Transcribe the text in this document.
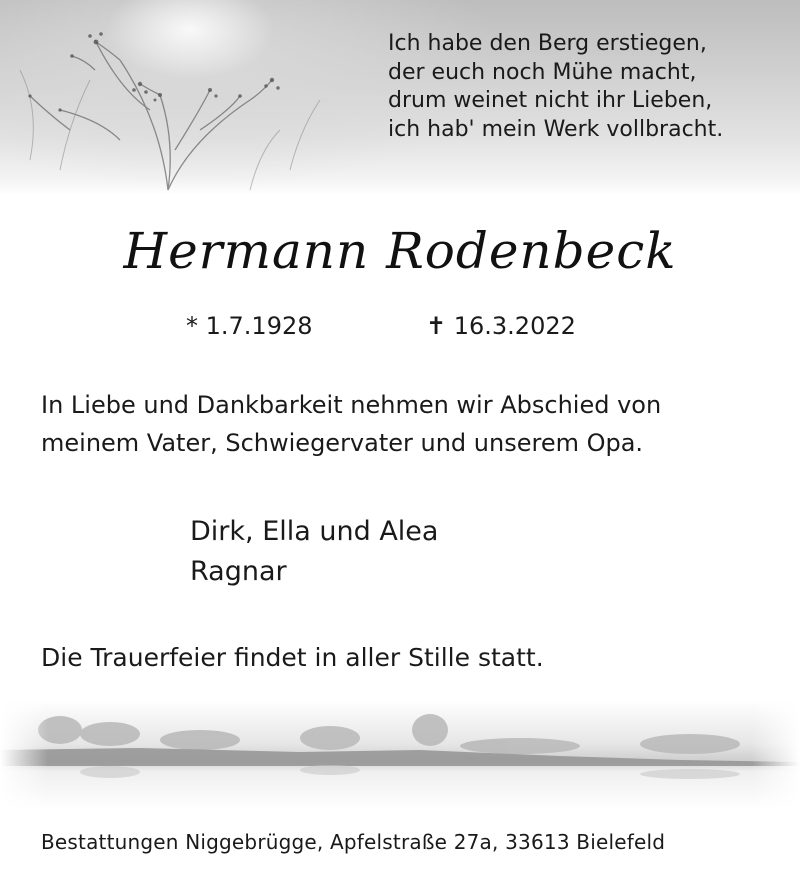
Ich habe den Berg erstiegen,
der euch noch Mühe macht,
drum weinet nicht ihr Lieben,
ich hab' mein Werk vollbracht.
Hermann Rodenbeck
* 1.7.1928	✝ 16.3.2022
In Liebe und Dankbarkeit nehmen wir Abschied von
meinem Vater, Schwiegervater und unserem Opa.
Dirk, Ella und Alea
Ragnar
Die Trauerfeier findet in aller Stille statt.
Bestattungen Niggebrügge, Apfelstraße 27a, 33613 Bielefeld
